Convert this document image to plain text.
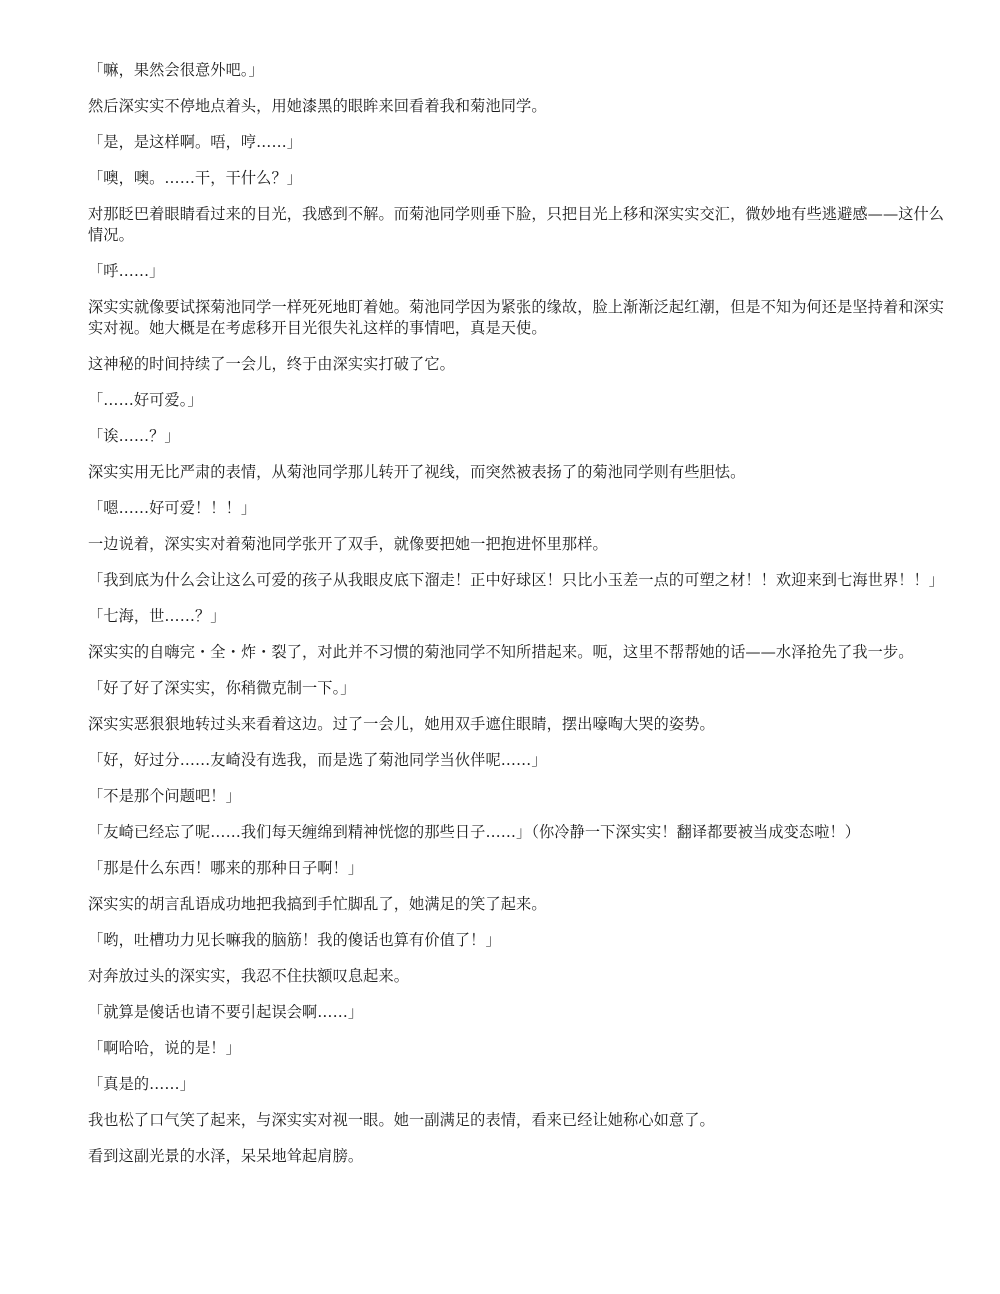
「嘛，果然会很意外吧。」

然后深实实不停地点着头，用她漆黑的眼眸来回看着我和菊池同学。

「是，是这样啊。唔，哼……」

「噢，噢。……干，干什么？」

对那眨巴着眼睛看过来的目光，我感到不解。而菊池同学则垂下脸，只把目光上移和深实实交汇，微妙地有些逃避感——这什么情况。

「呼……」

深实实就像要试探菊池同学一样死死地盯着她。菊池同学因为紧张的缘故，脸上渐渐泛起红潮，但是不知为何还是坚持着和深实实对视。她大概是在考虑移开目光很失礼这样的事情吧，真是天使。

这神秘的时间持续了一会儿，终于由深实实打破了它。

「……好可爱。」

「诶……？」

深实实用无比严肃的表情，从菊池同学那儿转开了视线，而突然被表扬了的菊池同学则有些胆怯。

「嗯……好可爱！！！」

一边说着，深实实对着菊池同学张开了双手，就像要把她一把抱进怀里那样。

「我到底为什么会让这么可爱的孩子从我眼皮底下溜走！正中好球区！只比小玉差一点的可塑之材！！欢迎来到七海世界！！」

「七海，世……？」

深实实的自嗨完・全・炸・裂了，对此并不习惯的菊池同学不知所措起来。呃，这里不帮帮她的话——水泽抢先了我一步。

「好了好了深实实，你稍微克制一下。」

深实实恶狠狠地转过头来看着这边。过了一会儿，她用双手遮住眼睛，摆出嚎啕大哭的姿势。

「好，好过分……友崎没有选我，而是选了菊池同学当伙伴呢……」

「不是那个问题吧！」

「友崎已经忘了呢……我们每天缠绵到精神恍惚的那些日子……」（你冷静一下深实实！翻译都要被当成变态啦！）

「那是什么东西！哪来的那种日子啊！」

深实实的胡言乱语成功地把我搞到手忙脚乱了，她满足的笑了起来。

「哟，吐槽功力见长嘛我的脑筋！我的傻话也算有价值了！」

对奔放过头的深实实，我忍不住扶额叹息起来。

「就算是傻话也请不要引起误会啊……」

「啊哈哈，说的是！」

「真是的……」

我也松了口气笑了起来，与深实实对视一眼。她一副满足的表情，看来已经让她称心如意了。

看到这副光景的水泽，呆呆地耸起肩膀。
